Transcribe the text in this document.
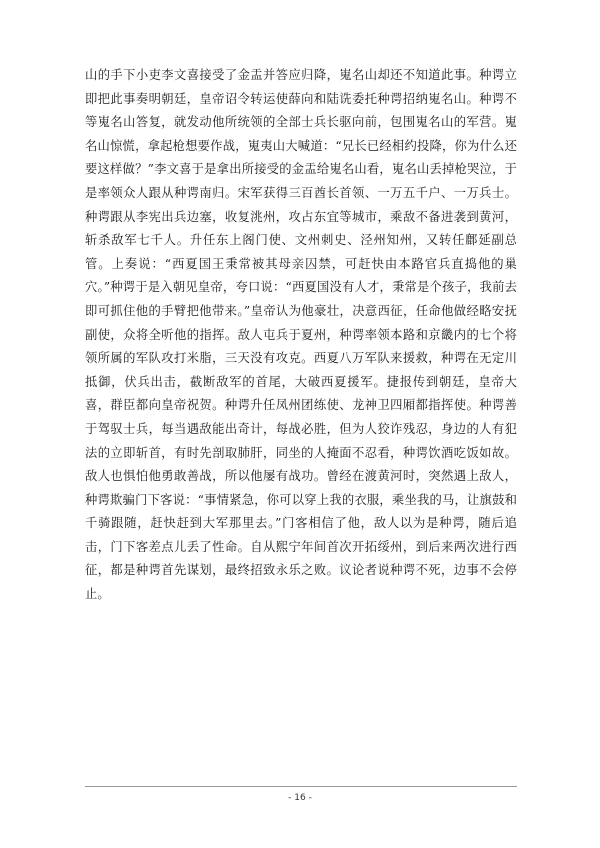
山的手下小吏李文喜接受了金盂并答应归降，嵬名山却还不知道此事。种谔立即把此事奏明朝廷，皇帝诏令转运使薛向和陆诜委托种谔招纳嵬名山。种谔不等嵬名山答复，就发动他所统领的全部士兵长驱向前，包围嵬名山的军营。嵬名山惊慌，拿起枪想要作战，嵬夷山大喊道：“兄长已经相约投降，你为什么还要这样做？”李文喜于是拿出所接受的金盂给嵬名山看，嵬名山丢掉枪哭泣，于是率领众人跟从种谔南归。宋军获得三百酋长首领、一万五千户、一万兵士。种谔跟从李宪出兵边塞，收复洮州，攻占东宜等城市，乘敌不备进袭到黄河，斩杀敌军七千人。升任东上阁门使、文州刺史、泾州知州，又转任鄜延副总管。上奏说：“西夏国王秉常被其母亲囚禁，可赶快由本路官兵直捣他的巢穴。”种谔于是入朝见皇帝，夸口说：“西夏国没有人才，秉常是个孩子，我前去即可抓住他的手臂把他带来。”皇帝认为他豪壮，决意西征，任命他做经略安抚副使，众将全听他的指挥。敌人屯兵于夏州，种谔率领本路和京畿内的七个将领所属的军队攻打米脂，三天没有攻克。西夏八万军队来援救，种谔在无定川抵御，伏兵出击，截断敌军的首尾，大破西夏援军。捷报传到朝廷，皇帝大喜，群臣都向皇帝祝贺。种谔升任凤州团练使、龙神卫四厢都指挥使。种谔善于驾驭士兵，每当遇敌能出奇计，每战必胜，但为人狡诈残忍，身边的人有犯法的立即斩首，有时先剖取肺肝，同坐的人掩面不忍看，种谔饮酒吃饭如故。敌人也惧怕他勇敢善战，所以他屡有战功。曾经在渡黄河时，突然遇上敌人，种谔欺骗门下客说：“事情紧急，你可以穿上我的衣服，乘坐我的马，让旗鼓和千骑跟随，赶快赶到大军那里去。”门客相信了他，敌人以为是种谔，随后追击，门下客差点儿丢了性命。自从熙宁年间首次开拓绥州，到后来两次进行西征，都是种谔首先谋划，最终招致永乐之败。议论者说种谔不死，边事不会停止。

- 16 -
